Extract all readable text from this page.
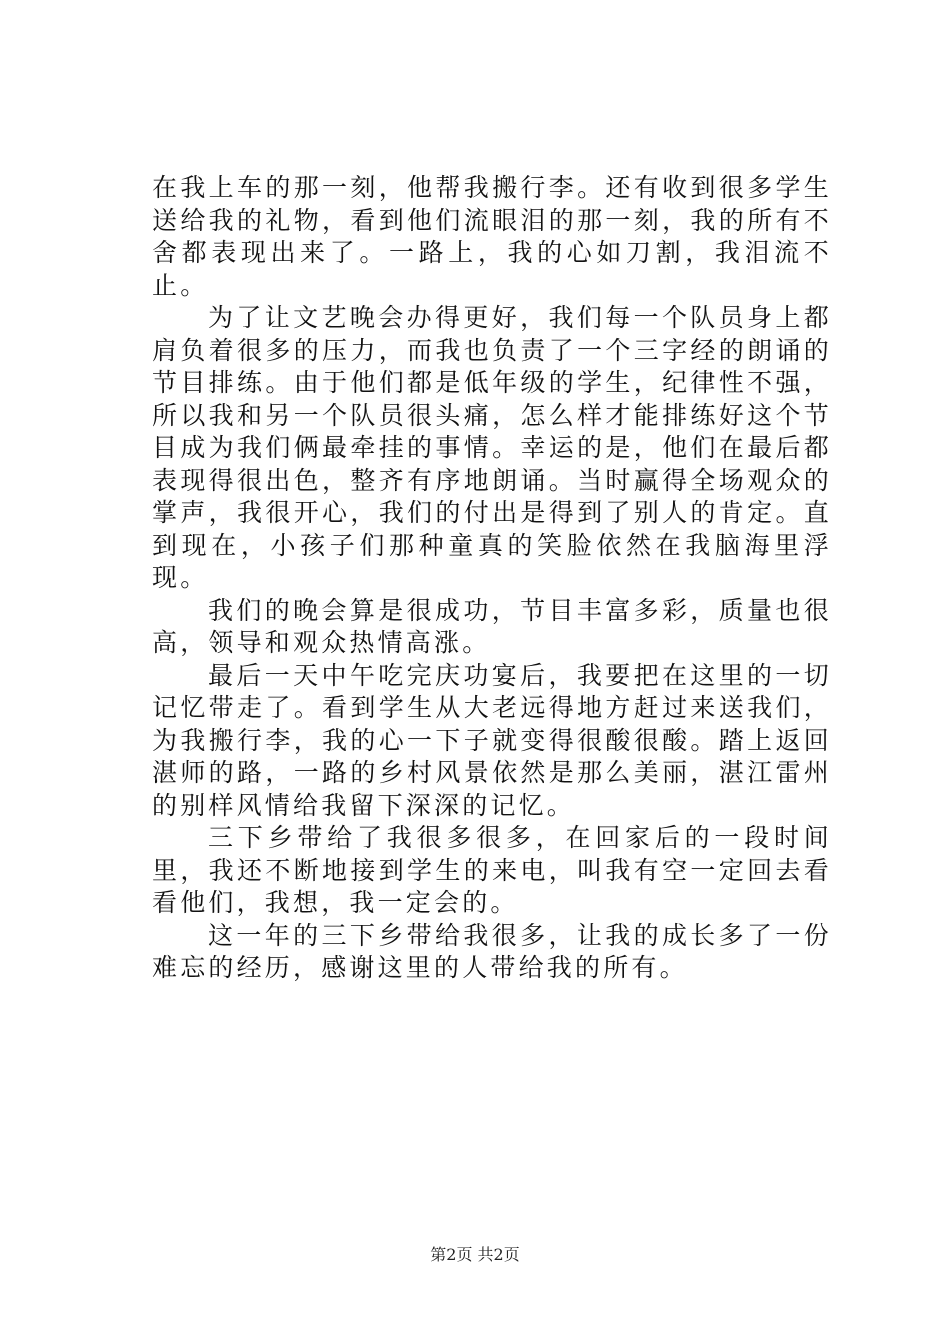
在我上车的那一刻，他帮我搬行李。还有收到很多学生送给我的礼物，看到他们流眼泪的那一刻，我的所有不舍都表现出来了。一路上，我的心如刀割，我泪流不止。

为了让文艺晚会办得更好，我们每一个队员身上都肩负着很多的压力，而我也负责了一个三字经的朗诵的节目排练。由于他们都是低年级的学生，纪律性不强，所以我和另一个队员很头痛，怎么样才能排练好这个节目成为我们俩最牵挂的事情。幸运的是，他们在最后都表现得很出色，整齐有序地朗诵。当时赢得全场观众的掌声，我很开心，我们的付出是得到了别人的肯定。直到现在，小孩子们那种童真的笑脸依然在我脑海里浮现。

我们的晚会算是很成功，节目丰富多彩，质量也很高，领导和观众热情高涨。

最后一天中午吃完庆功宴后，我要把在这里的一切记忆带走了。看到学生从大老远得地方赶过来送我们，为我搬行李，我的心一下子就变得很酸很酸。踏上返回湛师的路，一路的乡村风景依然是那么美丽，湛江雷州的别样风情给我留下深深的记忆。

三下乡带给了我很多很多，在回家后的一段时间里，我还不断地接到学生的来电，叫我有空一定回去看看他们，我想，我一定会的。

这一年的三下乡带给我很多，让我的成长多了一份难忘的经历，感谢这里的人带给我的所有。

第2页 共2页
